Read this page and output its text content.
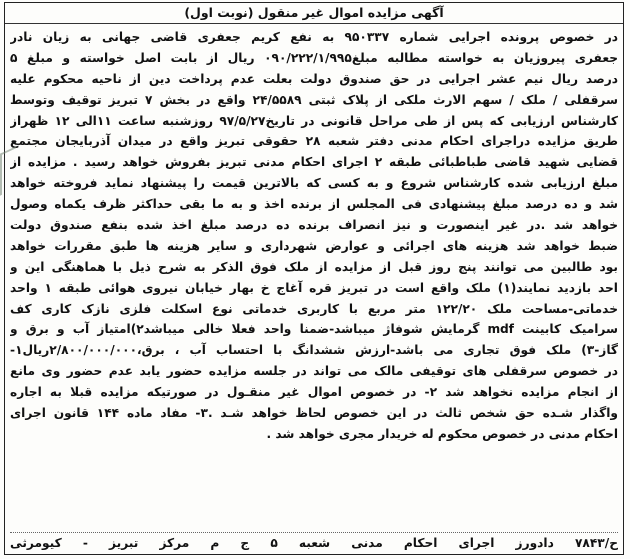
آگهی مزایده اموال غیر منقول (نوبت اول)
در خصوص پرونده اجرایی شماره ۹۵۰۳۳۷ به نفع کریم جعفری قاضی جهانی به زیان نادر
جعفری پیروزیان به خواسته مطالبه مبلغ۰۹۰/۲۲۲/۱/۹۹۵ ریال از بابت اصل خواسته و مبلغ ۵
درصد ریال نیم عشر اجرایی در حق صندوق دولت بعلت عدم پرداخت دین از ناحیه محکوم علیه
سرقفلی / ملک / سهم الارث ملکی از پلاک ثبتی ۲۴/۵۵۸۹ واقع در بخش ۷ تبریز توقیف وتوسط
کارشناس ارزیابی که پس از طی مراحل قانونی در تاریخ۹۷/۵/۲۷ روزشنبه ساعت ۱۱الی ۱۲ ظهراز
طریق مزایده دراجرای احکام مدنی دفتر شعبه ۲۸ حقوقی تبریز واقع در میدان آذربایجان مجتمع
قضایی شهید قاضی طباطبائی طبقه ۲ اجرای احکام مدنی تبریز بفروش خواهد رسید . مزایده از
مبلغ ارزیابی شده کارشناس شروع و به کسی که بالاترین قیمت را پیشنهاد نماید فروخته خواهد
شد و ده درصد مبلغ پیشنهادی فی المجلس از برنده اخذ و به ما بقی حداکثر ظرف یکماه وصول
خواهد شد .در غیر اینصورت و نیز انصراف برنده ده درصد مبلغ اخذ شده بنفع صندوق دولت
ضبط خواهد شد هزینه های اجرائی و عوارض شهرداری و سایر هزینه ها طبق مقررات خواهد
بود طالبین می توانند پنج روز قبل از مزایده از ملک فوق الذکر به شرح ذیل با هماهنگی این و
احد بازدید نمایند(۱) ملک واقع است در تبریز قره آغاج خ بهار خیابان نیروی هوائی طبقه ۱ واحد
خدماتی-مساحت ملک ۱۲۲/۲۰ متر مربع با کاربری خدماتی نوع اسکلت فلزی نازک کاری کف
سرامیک کابینت mdf گرمایش شوفاژ میباشد-ضمنا واحد فعلا خالی میباشد۲)امتیاز آب و برق و
گاز-۳) ملک فوق تجاری می باشد-ارزش ششدانگ با احتساب آب ، برق،۲/۸۰۰/۰۰۰/۰۰۰ریال۱-
در خصوص سرقفلی های توقیفی مالک می تواند در جلسه مزایده حضور یابد عدم حضور وی مانع
از انجام مزایده نخواهد شد ۲- در خصوص اموال غیر منقـول در صورتیکه مزایده قبلا به اجاره
واگذار شـده حق شخص ثالث در این خصوص لحاظ خواهد شـد .۳- مفاد ماده ۱۴۴ قانون اجرای
احکام مدنی در خصوص محکوم له خریدار مجری خواهد شد .
ح/۷۸۴۳ دادورز اجرای احکام مدنی شعبه ۵ ج م مرکز تبریز - کیومرثی
